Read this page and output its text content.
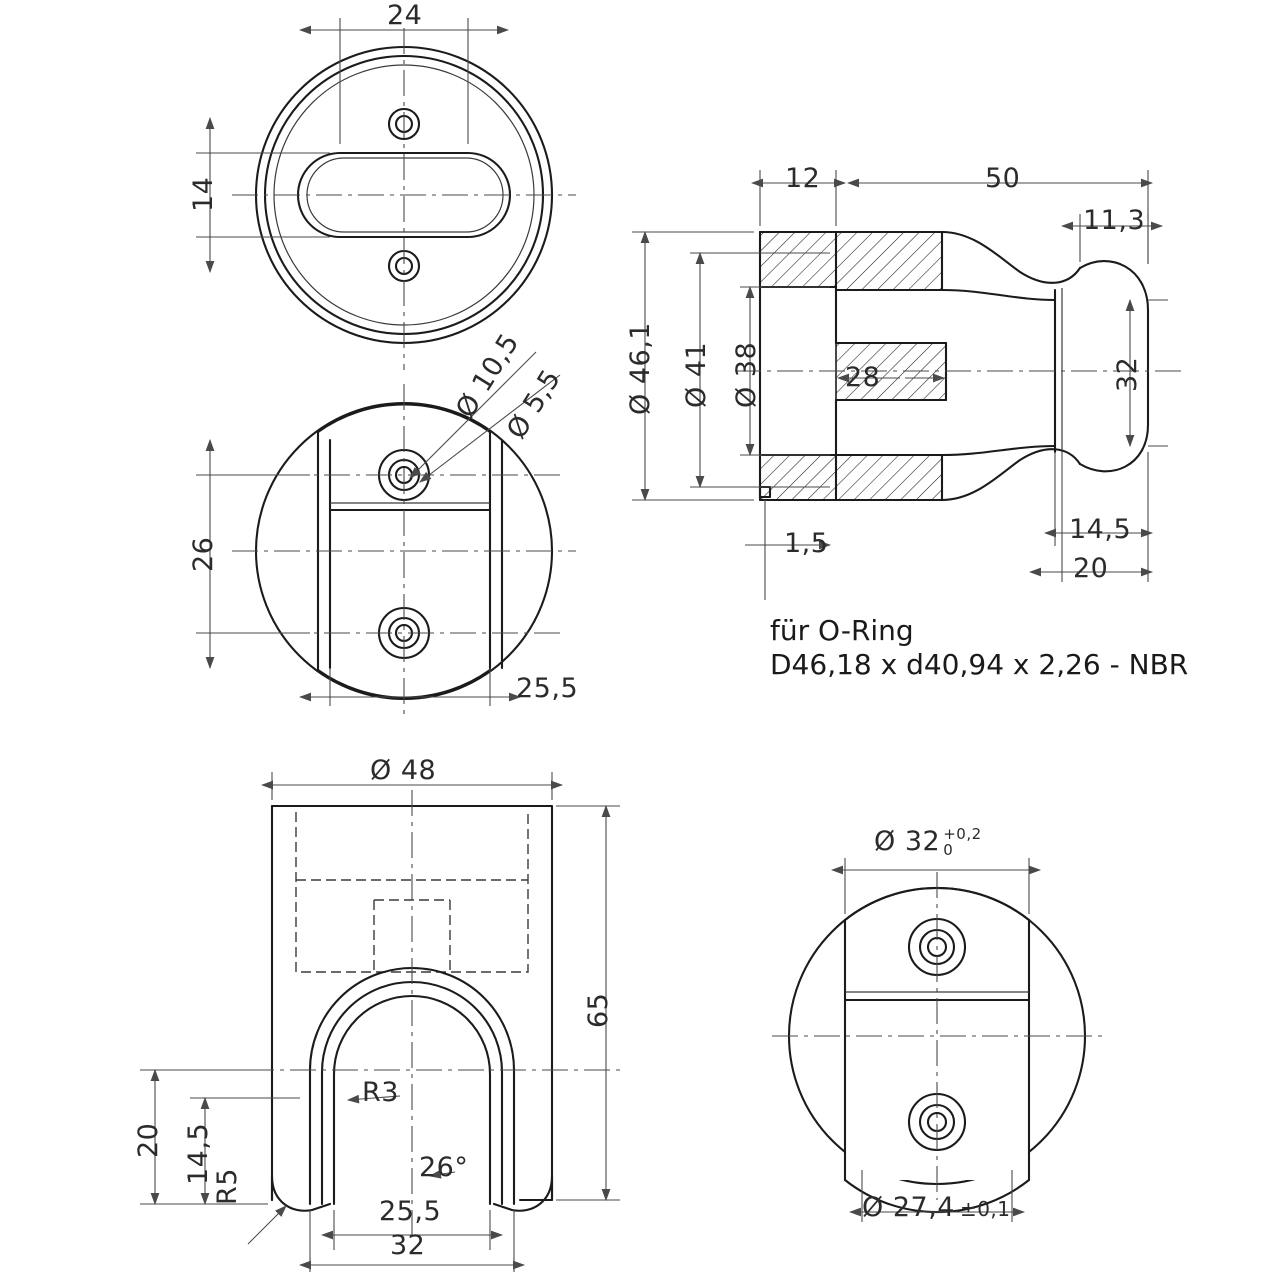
24
14
Ø 10,5
Ø 5,5
26
25,5
12	50
11,3
Ø 46,1 Ø 41 Ø 38	28	32
14,5
20
1,5
für O-Ring
D46,18 x d40,94 x 2,26 - NBR
Ø 48
65
R3
26°
20 14,5
R5
25,5
32
Ø 32 +0,2
0
Ø 27,4 ±0,1
